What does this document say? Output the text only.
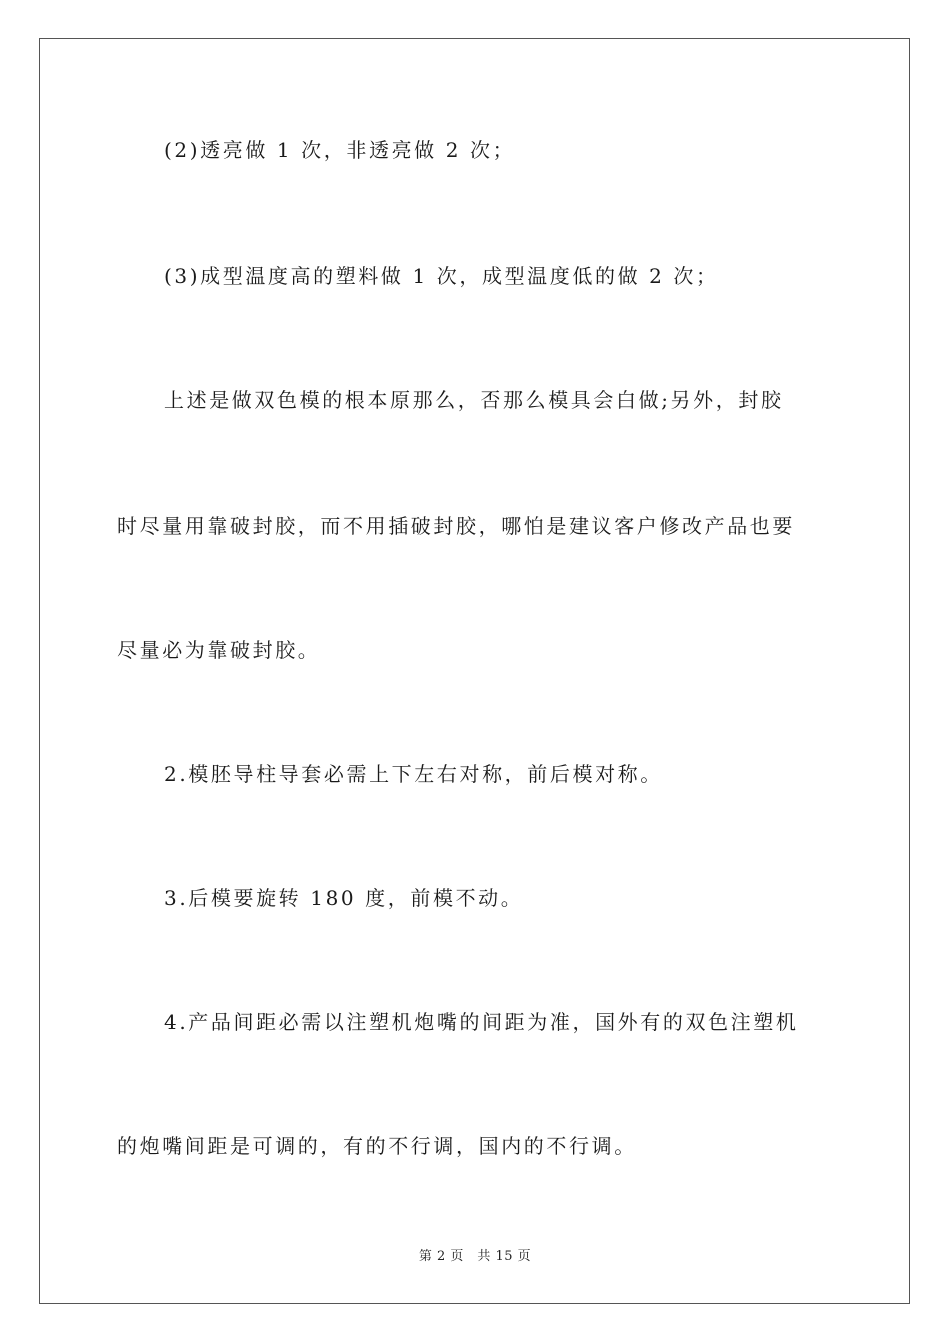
(2)透亮做 1 次，非透亮做 2 次；
(3)成型温度高的塑料做 1 次，成型温度低的做 2 次；
上述是做双色模的根本原那么，否那么模具会白做;另外，封胶
时尽量用靠破封胶，而不用插破封胶，哪怕是建议客户修改产品也要
尽量必为靠破封胶。
2.模胚导柱导套必需上下左右对称，前后模对称。
3.后模要旋转 180 度，前模不动。
4.产品间距必需以注塑机炮嘴的间距为准，国外有的双色注塑机
的炮嘴间距是可调的，有的不行调，国内的不行调。
第 2 页　共 15 页
